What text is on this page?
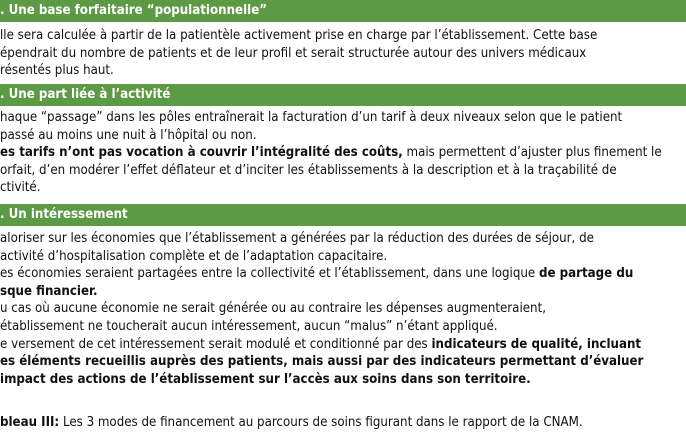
. Une base forfaitaire “populationnelle”
lle sera calculée à partir de la patientèle activement prise en charge par l’établissement. Cette base
épendrait du nombre de patients et de leur profil et serait structurée autour des univers médicaux
résentés plus haut.
. Une part liée à l’activité
haque “passage” dans les pôles entraînerait la facturation d’un tarif à deux niveaux selon que le patient
passé au moins une nuit à l’hôpital ou non.
es tarifs n’ont pas vocation à couvrir l’intégralité des coûts, mais permettent d’ajuster plus finement le
orfait, d’en modérer l’effet déflateur et d’inciter les établissements à la description et à la traçabilité de
ctivité.
. Un intéressement
aloriser sur les économies que l’établissement a générées par la réduction des durées de séjour, de
activité d’hospitalisation complète et de l’adaptation capacitaire.
es économies seraient partagées entre la collectivité et l’établissement, dans une logique de partage du
sque financier.
u cas où aucune économie ne serait générée ou au contraire les dépenses augmenteraient,
établissement ne toucherait aucun intéressement, aucun “malus” n’étant appliqué.
e versement de cet intéressement serait modulé et conditionné par des indicateurs de qualité, incluant
es éléments recueillis auprès des patients, mais aussi par des indicateurs permettant d’évaluer
impact des actions de l’établissement sur l’accès aux soins dans son territoire.
bleau III: Les 3 modes de financement au parcours de soins figurant dans le rapport de la CNAM.
